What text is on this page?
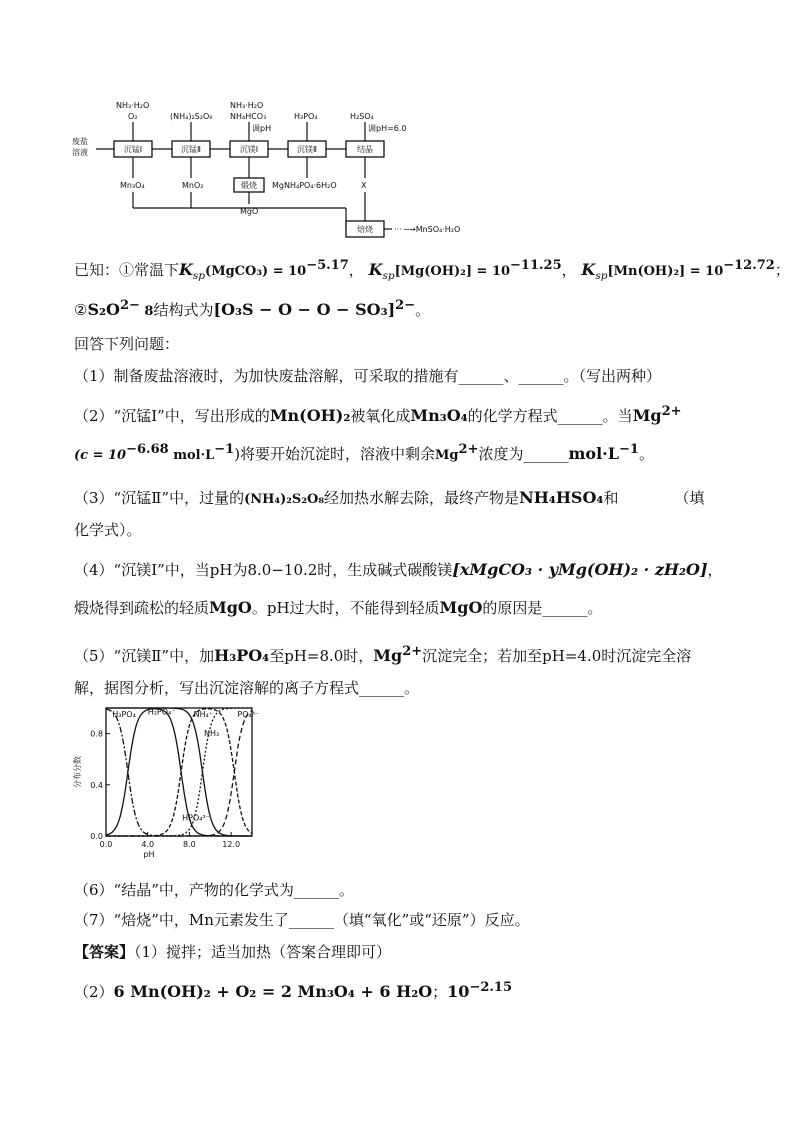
废盐
溶液	沉锰Ⅰ	沉锰Ⅱ	沉镁Ⅰ	沉镁Ⅱ	结晶
NH₃·H₂O
O₂	(NH₄)₂S₂O₈
NH₃·H₂O
NH₄HCO₃
调pH
H₃PO₄	H₂SO₄
调pH=6.0
Mn₃O₄	MnO₂	煅烧
MgO
MgNH₄PO₄·6H₂O	X
焙烧	··· ─→MnSO₄·H₂O
已知：①常温下$K_{sp}(MgCO_3) = 10^{-5.17}$， $K_{sp}[Mg(OH)_2] = 10^{-11.25}$， $K_{sp}[Mn(OH)_2] = 10^{-12.72}$；
$②S_2O^{2-}$ 8结构式为$[O_3S - O - O - SO_3]^{2-}$。
回答下列问题：
（1）制备废盐溶液时，为加快废盐溶解，可采取的措施有______、______。（写出两种）
（2）“沉锰Ⅰ”中，写出形成的Mn(OH)₂被氧化成Mn₃O₄的化学方程式______。当$Mg^{2+}$
($c = 10^{-6.68}$ $mol\cdot L^{-1}$)将要开始沉淀时，溶液中剩余$Mg^{2+}$浓度为$\_\_\_\_\_\_mol\cdot L^{-1}$。
（3）“沉锰Ⅱ”中，过量的(NH₄)₂S₂O₈经加热水解去除，最终产物是NH₄HSO₄和	（填
化学式）。
（4）“沉镁Ⅰ”中，当pH为8.0−10.2时，生成碱式碳酸镁[xMgCO₃ · yMg(OH)₂ · zH₂O]，
煅烧得到疏松的轻质MgO。pH过大时，不能得到轻质MgO的原因是______。
（5）“沉镁Ⅱ”中，加H₃PO₄至pH=8.0时，$Mg^{2+}$沉淀完全；若加至pH=4.0时沉淀完全溶
解，据图分析，写出沉淀溶解的离子方程式______。
0.0	4.0	8.0	12.0
0.0
0.4
0.8
pH
分布分数
H₃PO₄ H₂PO₄⁻
HPO₄²⁻
PO₄³⁻
NH₄⁺
NH₃
（6）“结晶”中，产物的化学式为______。
（7）“焙烧”中，Mn元素发生了______（填“氧化”或“还原”）反应。
【答案】（1）搅拌；适当加热（答案合理即可）
（2）6 Mn(OH)₂ + O₂ = 2 Mn₃O₄ + 6 H₂O；$10^{-2.15}$
